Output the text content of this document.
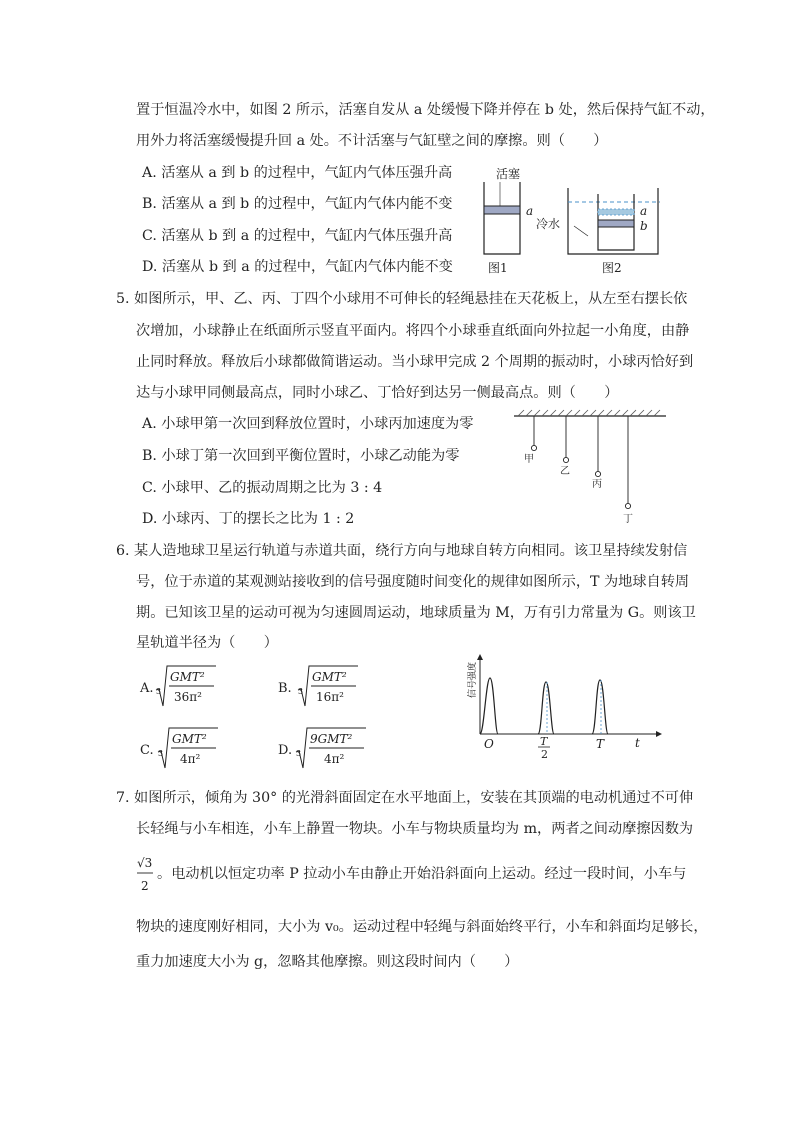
置于恒温冷水中，如图 2 所示，活塞自发从 a 处缓慢下降并停在 b 处，然后保持气缸不动，
用外力将活塞缓慢提升回 a 处。不计活塞与气缸壁之间的摩擦。则（　　）
A. 活塞从 a 到 b 的过程中，气缸内气体压强升高
B. 活塞从 a 到 b 的过程中，气缸内气体内能不变
C. 活塞从 b 到 a 的过程中，气缸内气体压强升高
D. 活塞从 b 到 a 的过程中，气缸内气体内能不变
活塞
a
图1
a
b
冷水
图2
5. 如图所示，甲、乙、丙、丁四个小球用不可伸长的轻绳悬挂在天花板上，从左至右摆长依
次增加，小球静止在纸面所示竖直平面内。将四个小球垂直纸面向外拉起一小角度，由静
止同时释放。释放后小球都做简谐运动。当小球甲完成 2 个周期的振动时，小球丙恰好到
达与小球甲同侧最高点，同时小球乙、丁恰好到达另一侧最高点。则（　　）
A. 小球甲第一次回到释放位置时，小球丙加速度为零
B. 小球丁第一次回到平衡位置时，小球乙动能为零
C. 小球甲、乙的振动周期之比为 3 : 4
D. 小球丙、丁的摆长之比为 1 : 2
甲
乙
丙
丁
6. 某人造地球卫星运行轨道与赤道共面，绕行方向与地球自转方向相同。该卫星持续发射信
号，位于赤道的某观测站接收到的信号强度随时间变化的规律如图所示，T 为地球自转周
期。已知该卫星的运动可视为匀速圆周运动，地球质量为 M，万有引力常量为 G。则该卫
星轨道半径为（　　）
A. 3
GMT²
36π²
B. 3
GMT²
16π²
C. 3
GMT²
4π²
D. 3
9GMT²
4π²
信号强度
O	T
2
T	t
7. 如图所示，倾角为 30° 的光滑斜面固定在水平地面上，安装在其顶端的电动机通过不可伸
长轻绳与小车相连，小车上静置一物块。小车与物块质量均为 m，两者之间动摩擦因数为
√3
2
。电动机以恒定功率 P 拉动小车由静止开始沿斜面向上运动。经过一段时间，小车与
物块的速度刚好相同，大小为 v₀。运动过程中轻绳与斜面始终平行，小车和斜面均足够长，
重力加速度大小为 g，忽略其他摩擦。则这段时间内（　　）
